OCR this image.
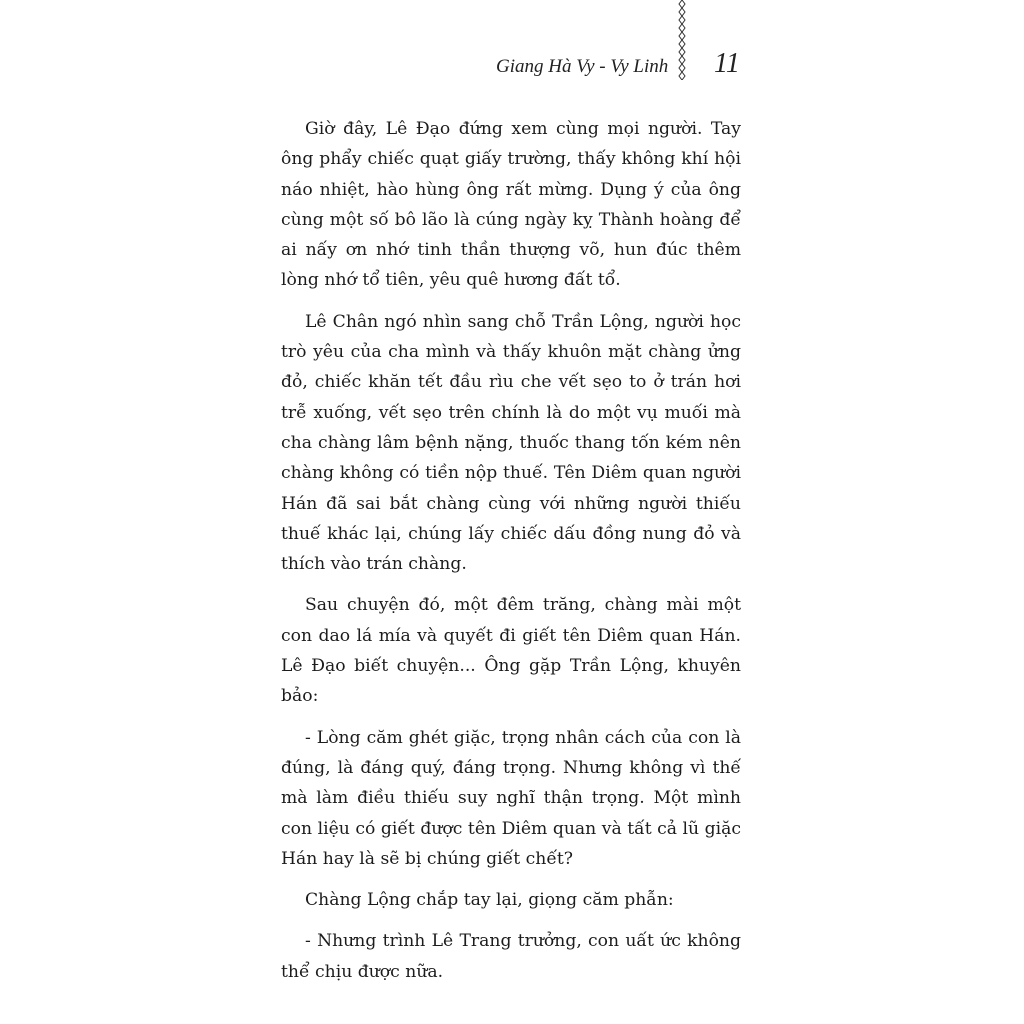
Giang Hà Vy - Vy Linh 11

Giờ đây, Lê Đạo đứng xem cùng mọi người. Tay ông phẩy chiếc quạt giấy trường, thấy không khí hội náo nhiệt, hào hùng ông rất mừng. Dụng ý của ông cùng một số bô lão là cúng ngày kỵ Thành hoàng để ai nấy ơn nhớ tinh thần thượng võ, hun đúc thêm lòng nhớ tổ tiên, yêu quê hương đất tổ.

Lê Chân ngó nhìn sang chỗ Trần Lộng, người học trò yêu của cha mình và thấy khuôn mặt chàng ửng đỏ, chiếc khăn tết đầu rìu che vết sẹo to ở trán hơi trễ xuống, vết sẹo trên chính là do một vụ muối mà cha chàng lâm bệnh nặng, thuốc thang tốn kém nên chàng không có tiền nộp thuế. Tên Diêm quan người Hán đã sai bắt chàng cùng với những người thiếu thuế khác lại, chúng lấy chiếc dấu đồng nung đỏ và thích vào trán chàng.

Sau chuyện đó, một đêm trăng, chàng mài một con dao lá mía và quyết đi giết tên Diêm quan Hán. Lê Đạo biết chuyện... Ông gặp Trần Lộng, khuyên bảo:

- Lòng căm ghét giặc, trọng nhân cách của con là đúng, là đáng quý, đáng trọng. Nhưng không vì thế mà làm điều thiếu suy nghĩ thận trọng. Một mình con liệu có giết được tên Diêm quan và tất cả lũ giặc Hán hay là sẽ bị chúng giết chết?

Chàng Lộng chắp tay lại, giọng căm phẫn:

- Nhưng trình Lê Trang trưởng, con uất ức không thể chịu được nữa.
